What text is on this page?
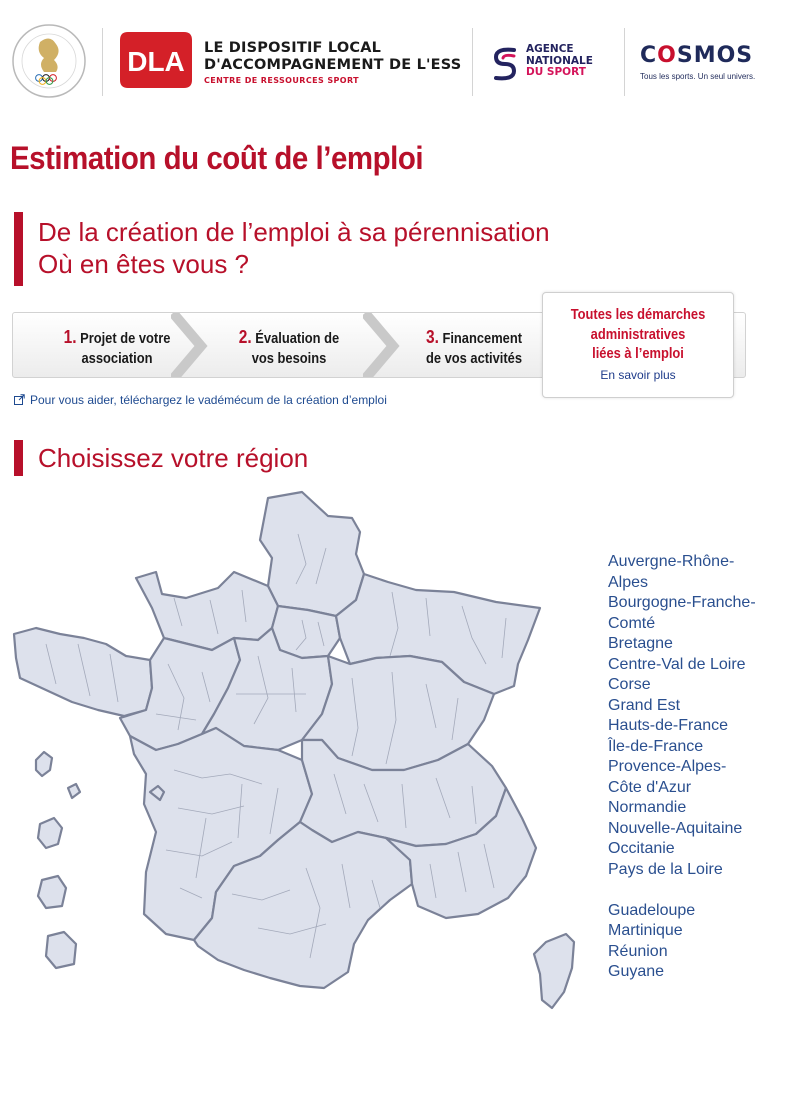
DLA LE DISPOSITIF LOCAL
D'ACCOMPAGNEMENT DE L'ESS
CENTRE DE RESSOURCES SPORT
AGENCE
NATIONALE
DU SPORT
COSMOS
Tous les sports. Un seul univers.
Estimation du coût de l’emploi
De la création de l’emploi à sa pérennisation
Où en êtes vous ?
1. Projet de votre
association
2. Évaluation de
vos besoins
3. Financement
de vos activités
Toutes les démarches
administratives
liées à l’emploi
En savoir plus
Pour vous aider, téléchargez le vadémécum de la création d’emploi
Choisissez votre région
Auvergne-Rhône-
Alpes
Bourgogne-Franche-
Comté
Bretagne
Centre-Val de Loire
Corse
Grand Est
Hauts-de-France
Île-de-France
Provence-Alpes-
Côte d'Azur
Normandie
Nouvelle-Aquitaine
Occitanie
Pays de la Loire
Guadeloupe
Martinique
Réunion
Guyane
